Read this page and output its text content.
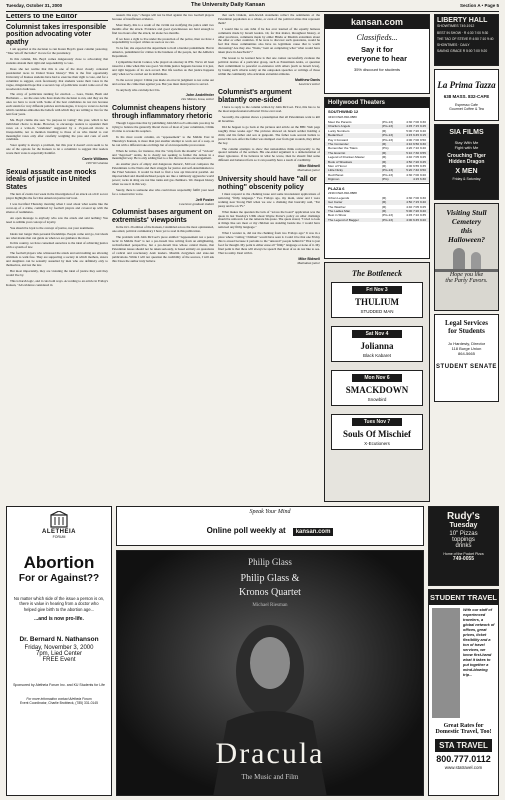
Tuesday, October 31, 2000	The University Daily Kansan	Section A • Page 5
Letters to the Editor
Columnist takes irresponsible position advocating voter apathy

I am appalled at the decision to run Karen Boyd's guest column yesterday, "Take 'em off the ballot" in race for the presidency.

In this column, Ms. Boyd comes dangerously close to advocating that students abstain their right and responsibility to vote.

Does she not realize that this is one of the most closely contested presidential races in United States history? This is the first opportunity University of Kansas students have had to exercise their right to vote, and for a columnist to suggest, even facetiously, that students waste their votes in the vague, misguided hope that a second crop of politicians would come out of the woodwork is ludicrous.

The array of politicians running for election — Gore, Nader, Bush and Buchanan — are the ones who have made the decision to run, and they are the ones we have to work with. Some of the best candidates do not run because each stands for very different policies and ideologies, it is up to voters to decide which candidate embodies the beliefs with which they are willing to live for the next four years.

Ms. Boyd claims she sees "no purpose in voting" this year, which is her individual choice to make. However, to encourage readers to squander their votes on a write-in "candidate" suggested by a 15-year-old movie is irresponsible, not to mention insulting to those of us who intend to cast meaningful votes only after carefully weighing the pros and cons of each candidate.

Voter apathy is always a problem, but this year it doesn't even seem to be one of the options for the Kansan to let a columnist to suggest that readers waste their votes is especially harmful.

Carrie Williams
1997 KU alumna
Sexual assault case mocks ideals of justice in United States

The turn of events last week in the investigation of an attack on a KU soccer player highlights the fact that American justice isn't real.

I was horrified Thursday morning when I read about what seems like the cover-up of a crime, committed by football players and covered up with the silence of teammates.

An open message to anybody who saw the attack and said nothing: You need to rethink your concept of loyalty.

You should be loyal to the concept of justice, not your teammates.

Ideals last longer than personal friendships. People come and go, but ideals are what marks that can guide us when we are guidance the most.

In this country, we have consented ourselves to the ideal of achieving justice with a system of law.

The football players who witnessed the attack and said nothing are allowing criminals to walk free. They are supporting a society in which mothers, sisters and daughters can be sexually assaulted by men who are definitely only to themselves, and not the law.

But most importantly, they are violating the ideal of justice they said they would live by.

This is harsh logic, and it cuts both ways. According to an article in Friday's Kansan, "All evidence considered in

assault. DA says," charges will not be filed against the two football players because of insufficient evidence.

Most likely, this is a result of the victim not notifying the police until two months after the attack. Evidence and good eyewitnesses are hard enough to find two hours after the attack, let alone two months.

If we have a right to live under the protection of the police, then we have a responsibility to report crimes as soon as we can.

To be fair, she expected the department to hold a harsher punishment. But in America, punishment for crimes is the business of the people, not the Athletics Department.

I sympathize Kevin Connor, who played an attorney in JFK. We've all been raised in a time when this was good. We think justice happens because it is just, and right happens of its own accord. But life teaches us that justice happens only when we've carried out its individuals.

To the soccer player: I think you made an error in judgment to not come out and accuse the crime then against you. But you must insist justice is served.

To anybody who can help her: Do.

John Andelfeder
Des Moines, Iowa, senior
Columnist cheapens history through inflammatory rhetoric

Though I appreciate that by publishing John McCool's editorials you may be trying to balance the generally liberal views of most of your columnists, I think it's time to revoke his soapbox.

In his most recent column, an "appeasement" to the Middle East in Thursday's Kansan, is more than just another attempt to work out of a soap, as he can with a different take on things but of an irresponsible provocateur.

When he writes, for instance, that the "strip from the mouths" of "vicious" and "depraved" Arabs, he is clearly not seeking to further the debate in a meaningful way. He is only adding fuel to a fire that needs no encouragement.

As another piece of empty and dangerous rhetoric, McCool compares the Palestinians to the Nazis and their struggle for justice and self-determination to the Final Solution. It would be hard to find a less apt historical parallel. An impoverished and disenfranchised people are like a ruthlessly aggressive world power; rocks in sling are not like tanks and gas chambers. We cheapen history when we use it in this way.

Surely, there is someone else who could more responsibly fulfill your need for a conservative voice.

Jeff Foster
Lawrence graduate student
Columnist bases argument on extremists' viewpoints

In the Oct. 26 edition of the Kansan, I stumbled across the most opinionated, one-sided, political commentary I have yet to read in this publication.

The problem with John McCool's piece entitled "Appeasement not a peace tactic in Middle East" is not a pro-Israeli bias writing from an enlightening, well-informed perspective, but a pro-Israeli bias whose central thesis, that Palestinian issues should not be taken seriously, is based entirely on quotations of radical and reactionary Arab leaders. Muslim clergymen and state-run publications. While I will not question the credibility of the sources, I will ask this: Does the author truly believe

that such virulent, anti-Jewish statements reflect the sentiments of the Palestinian population as a whole, or even of the political elites that represent them?

I would like to ask John if he has ever learned of the equally heinous comments made by Israeli leaders. Or, for that matter, throughout history, at other provinces, comments made by either Hindu or Muslim extremists about the other or other countries. If he were to discover such quotations, would he feel that those communities also have no legitimate cause that is worth discussing? Are they also "Nazis," bent on completing what "what would have taken place in Auschwitz"?

The lesson to be learned here is that one cannot successfully evaluate the political desires of a particular group, such as Palestinian Arabs, or question their commitment to peaceful co-existence with others (such as Israeli Jews), by basing such criteria solely on the outspoken speeches or writings of those within the community who articulate extremist attitudes.

Matthew Davis
Lawrence senior
Columnist's argument blatantly one-sided

I have to reply to the column written by John McCool. First, this has to be the most unprofessional editorial I have ever read.

Secondly, the opinion shows a presumption that all Palestinians want to kill all Israelites.

Did he happen to go back at the pictures and article on the BBC Web page roughly three weeks ago? The pictures showed an Israeli soldier holding a child, and his father and son at gunpoint. The father took several bullets to protect his son. After the father was slumped over from gun wounds, they killed the boy.

The column attempts to show that nationalities think reciprocally to the quoted remarks of the sermon. His one-sided argument is a demonstration of sheer ignorance. If he believes in what he wrote, then he should find some different and balanced facts so it can possibly have a touch of credibility.

Mike Bidwell
Manhattan junior
University should have "all or nothing" obscenity policy

I must respond to the chalking issue and some inconsistent applications of removing "filthy language." Two Fridays ago, my mom, sister and I were walking near Strong Hall when we saw a chalking that basically said, "Eat pussy and be on TV."

What makes me question the lack of "across the board" application was the quote in last Tuesday's UDK about Wayne Porter's policy on other chalkings should be removed. Let me reiterate his quote. The quote stated, "I tried to look at things like sex most or my children are standing beside me. I would have removed any filthy language."

What I wonder is, did not the chalking from two Fridays ago? It was in a place where "cutting "children" would have seen it. Could it be that one Friday this is erased because it pertains to the "unsaved" people behind it? That is just food for thought. My point is either erase all "filthy" language or none of it. My final point is that there will always be speech that most of us do not like to see. That is reality. Deal with it.

Mike Bidwell
Manhattan junior
kansan.com
Classifieds...
Say it for
everyone to hear
35% discount for students
LIBERTY HALL
SHOWTIMES 749-1912
BEST IN SHOW · R 4:30 7:00 9:30
THE TAO OF STEVE R 4:50 7:10 9:40
SHOWTIMES · DAILY
SAVING GRACE R 5:00 7:00 9:20
Hollywood Theaters
SOUTHWIND 12
3433 IOWA 832-0880
Meet the Parents	(PG-13)	4:30 7:00 9:30
Charlie's Angels	(PG-13)	4:45 7:15 9:45
Lucky Numbers	(R)	5:00 7:20 9:40
Bedazzled	(PG-13)	4:15 6:45 9:15
Pay it Forward	(PG-13)	4:00 7:00 9:50
The Contender	(R)	4:10 6:50 9:30
Remember the Titans	(PG)	4:20 7:10 9:40
The Exorcist	(R)	5:10 7:30 9:55
Legend of Drunken Master	(R)	4:40 7:05 9:25
Book of Shadows	(R)	4:50 7:20 9:45
Men of Honor	(R)	4:00 6:55 9:35
Little Nicky	(PG-13)	5:20 7:40 9:50
Red Planet	(PG-13)	4:30 7:00 9:20
Digimon	(PG)	4:15 6:30
PLAZA 6
2339 IOWA 832-8888
Urban Legends	(R)	4:30 7:00 9:30
Get Carter	(R)	4:50 7:15 9:40
The Watcher	(R)	4:40 7:05 9:25
The Ladies Man	(R)	5:00 7:20 9:40
Best in Show	(PG-13)	4:45 7:10 9:35
The Legend of Bagger	(PG-13)	4:00 6:45 9:20
La Prima Tazza
638 MASS. 832-CAFE
Espresso Cafe
Gourmet Coffee & Tea
SIA FILMS
Stay With Me
Fight with Me
Crouching Tiger
Hidden Dragon
X MEN
Friday & Saturday
Visiting Stull
Cemetery
this
Halloween?
Hope you like
the Party Favors.
Legal Services
for Students
Jo Hardesty, Director
118 Burge Union
864-5665
STUDENT SENATE
The Bottleneck
Fri Nov 3
THULIUM
STUDDED MAN
Sat Nov 4
Jolianna
Black Kabaret
Mon Nov 6
SMACKDOWN
Snowbird
Tues Nov 7
Souls Of Mischief
X-Ecutioners
Speak Your Mind
Online poll weekly at kansan.com
Rudy's
Tuesday
10" Pizzas
toppings
drinks
Home of the Pocket Pizza
749-0055
ALETHEIA
FORUM
Abortion
For or Against??
No matter which side of the issue a person is on, there is value in hearing from a doctor who helped give birth to the abortion age...
...and is now pro-life.
Dr. Bernard N. Nathanson
Friday, November 3, 2000
7pm, Lied Center
FREE Event
Sponsored by Aletheia Forum Inc. and KU Students for Life
For more information contact Aletheia Forum
Event Coordinator, Charlie Brobbeck, (785) 331-0145
Philip Glass
Philip Glass &
Kronos Quartet
Michael Riesman
Dracula
The Music and Film
STUDENT TRAVEL
With our staff of experienced travelers, a global network of offices, great prices, ticket flexibility and a ton of travel services, we know first-hand what it takes to put together a mind-blowing trip...
Great Rates for Domestic Travel, Too!
STA TRAVEL
800.777.0112
www.statravel.com
